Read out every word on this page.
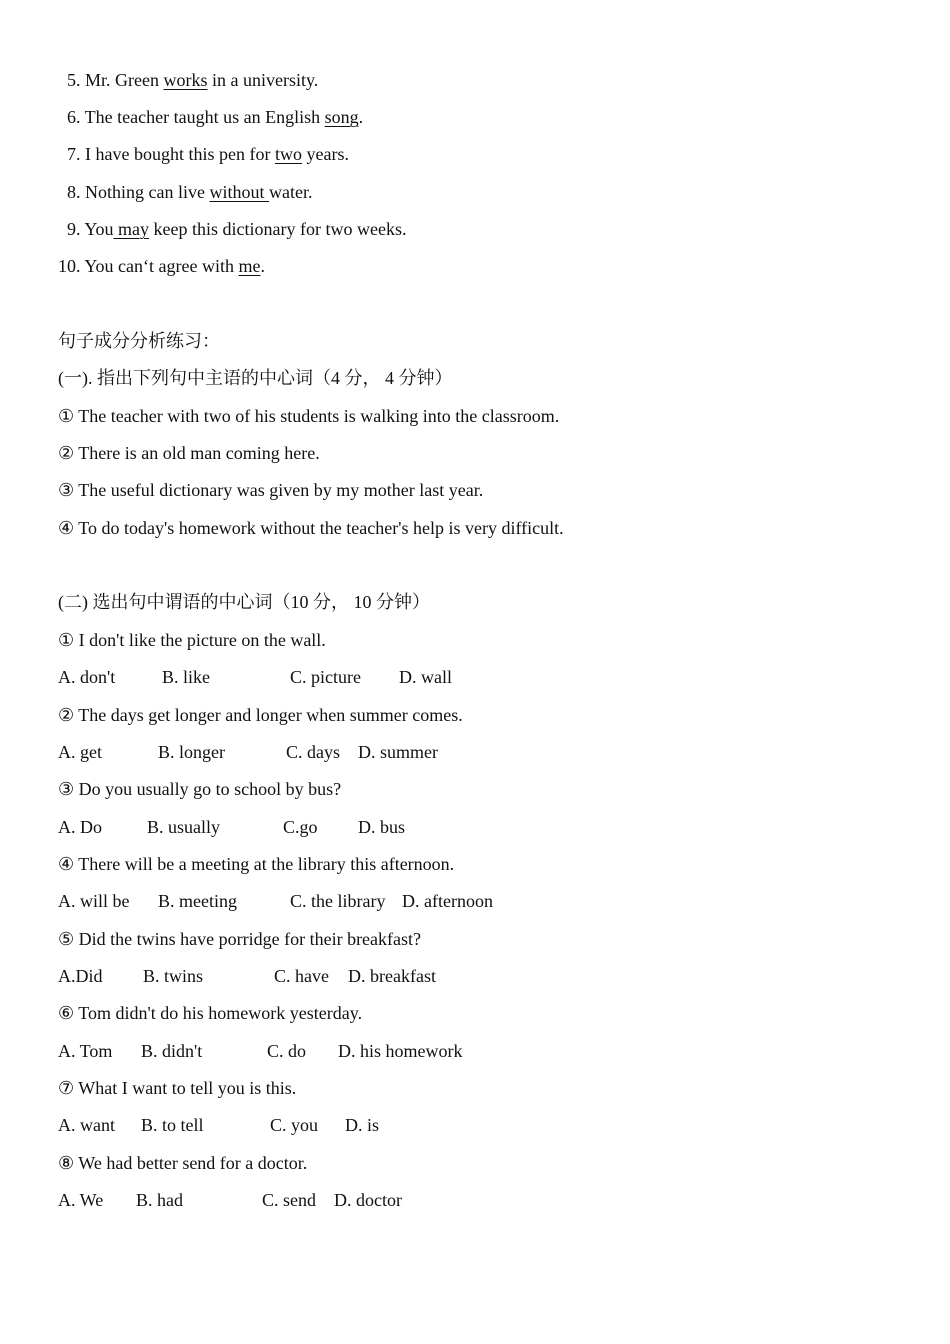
5. Mr. Green works in a university.
6. The teacher taught us an English song.
7. I have bought this pen for two years.
8. Nothing can live without water.
9. You may keep this dictionary for two weeks.
10. You can‘t agree with me.
句子成分分析练习：
(一). 指出下列句中主语的中心词（4 分， 4 分钟）
① The teacher with two of his students is walking into the classroom.
② There is an old man coming here.
③ The useful dictionary was given by my mother last year.
④ To do today's homework without the teacher's help is very difficult.
(二) 选出句中谓语的中心词（10 分， 10 分钟）
① I don't like the picture on the wall.
A. don't	B. like	C. picture D. wall
② The days get longer and longer when summer comes.
A. get	B. longer	C. days D. summer
③ Do you usually go to school by bus?
A. Do	B. usually	C.go D. bus
④ There will be a meeting at the library this afternoon.
A. will be B. meeting	C. the library D. afternoon
⑤ Did the twins have porridge for their breakfast?
A.Did B. twins	C. have D. breakfast
⑥ Tom didn't do his homework yesterday.
A. Tom B. didn't	C. do D. his homework
⑦ What I want to tell you is this.
A. want B. to tell	C. you D. is
⑧ We had better send for a doctor.
A. We B. had	C. send D. doctor
